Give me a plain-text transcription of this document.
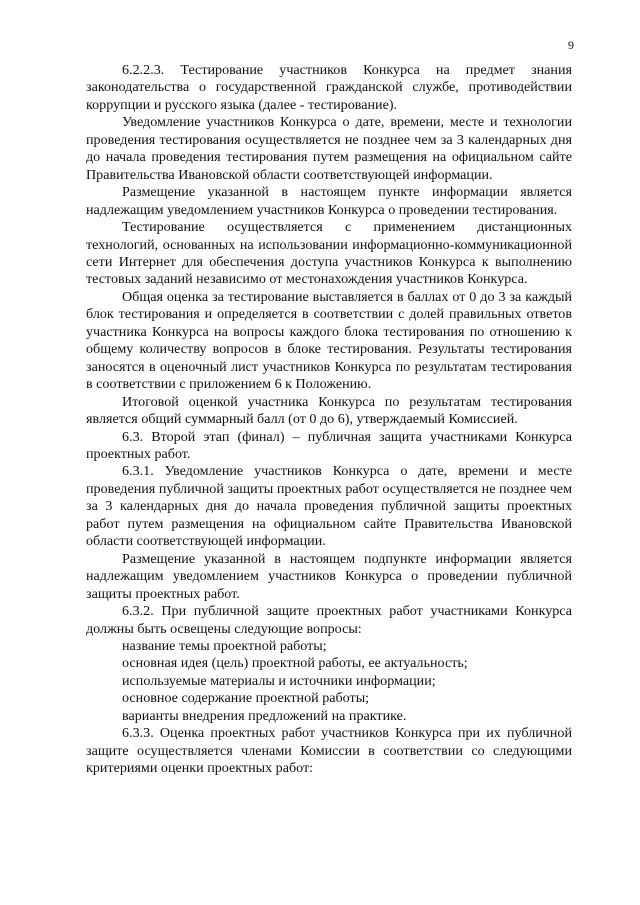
9

6.2.2.3. Тестирование участников Конкурса на предмет знания законодательства о государственной гражданской службе, противодействии коррупции и русского языка (далее - тестирование).

Уведомление участников Конкурса о дате, времени, месте и технологии проведения тестирования осуществляется не позднее чем за 3 календарных дня до начала проведения тестирования путем размещения на официальном сайте Правительства Ивановской области соответствующей информации.

Размещение указанной в настоящем пункте информации является надлежащим уведомлением участников Конкурса о проведении тестирования.

Тестирование осуществляется с применением дистанционных технологий, основанных на использовании информационно-коммуникационной сети Интернет для обеспечения доступа участников Конкурса к выполнению тестовых заданий независимо от местонахождения участников Конкурса.

Общая оценка за тестирование выставляется в баллах от 0 до 3 за каждый блок тестирования и определяется в соответствии с долей правильных ответов участника Конкурса на вопросы каждого блока тестирования по отношению к общему количеству вопросов в блоке тестирования. Результаты тестирования заносятся в оценочный лист участников Конкурса по результатам тестирования в соответствии с приложением 6 к Положению.

Итоговой оценкой участника Конкурса по результатам тестирования является общий суммарный балл (от 0 до 6), утверждаемый Комиссией.

6.3. Второй этап (финал) – публичная защита участниками Конкурса проектных работ.

6.3.1. Уведомление участников Конкурса о дате, времени и месте проведения публичной защиты проектных работ осуществляется не позднее чем за 3 календарных дня до начала проведения публичной защиты проектных работ путем размещения на официальном сайте Правительства Ивановской области соответствующей информации.

Размещение указанной в настоящем подпункте информации является надлежащим уведомлением участников Конкурса о проведении публичной защиты проектных работ.

6.3.2. При публичной защите проектных работ участниками Конкурса должны быть освещены следующие вопросы:

название темы проектной работы;

основная идея (цель) проектной работы, ее актуальность;

используемые материалы и источники информации;

основное содержание проектной работы;

варианты внедрения предложений на практике.

6.3.3. Оценка проектных работ участников Конкурса при их публичной защите осуществляется членами Комиссии в соответствии со следующими критериями оценки проектных работ:
